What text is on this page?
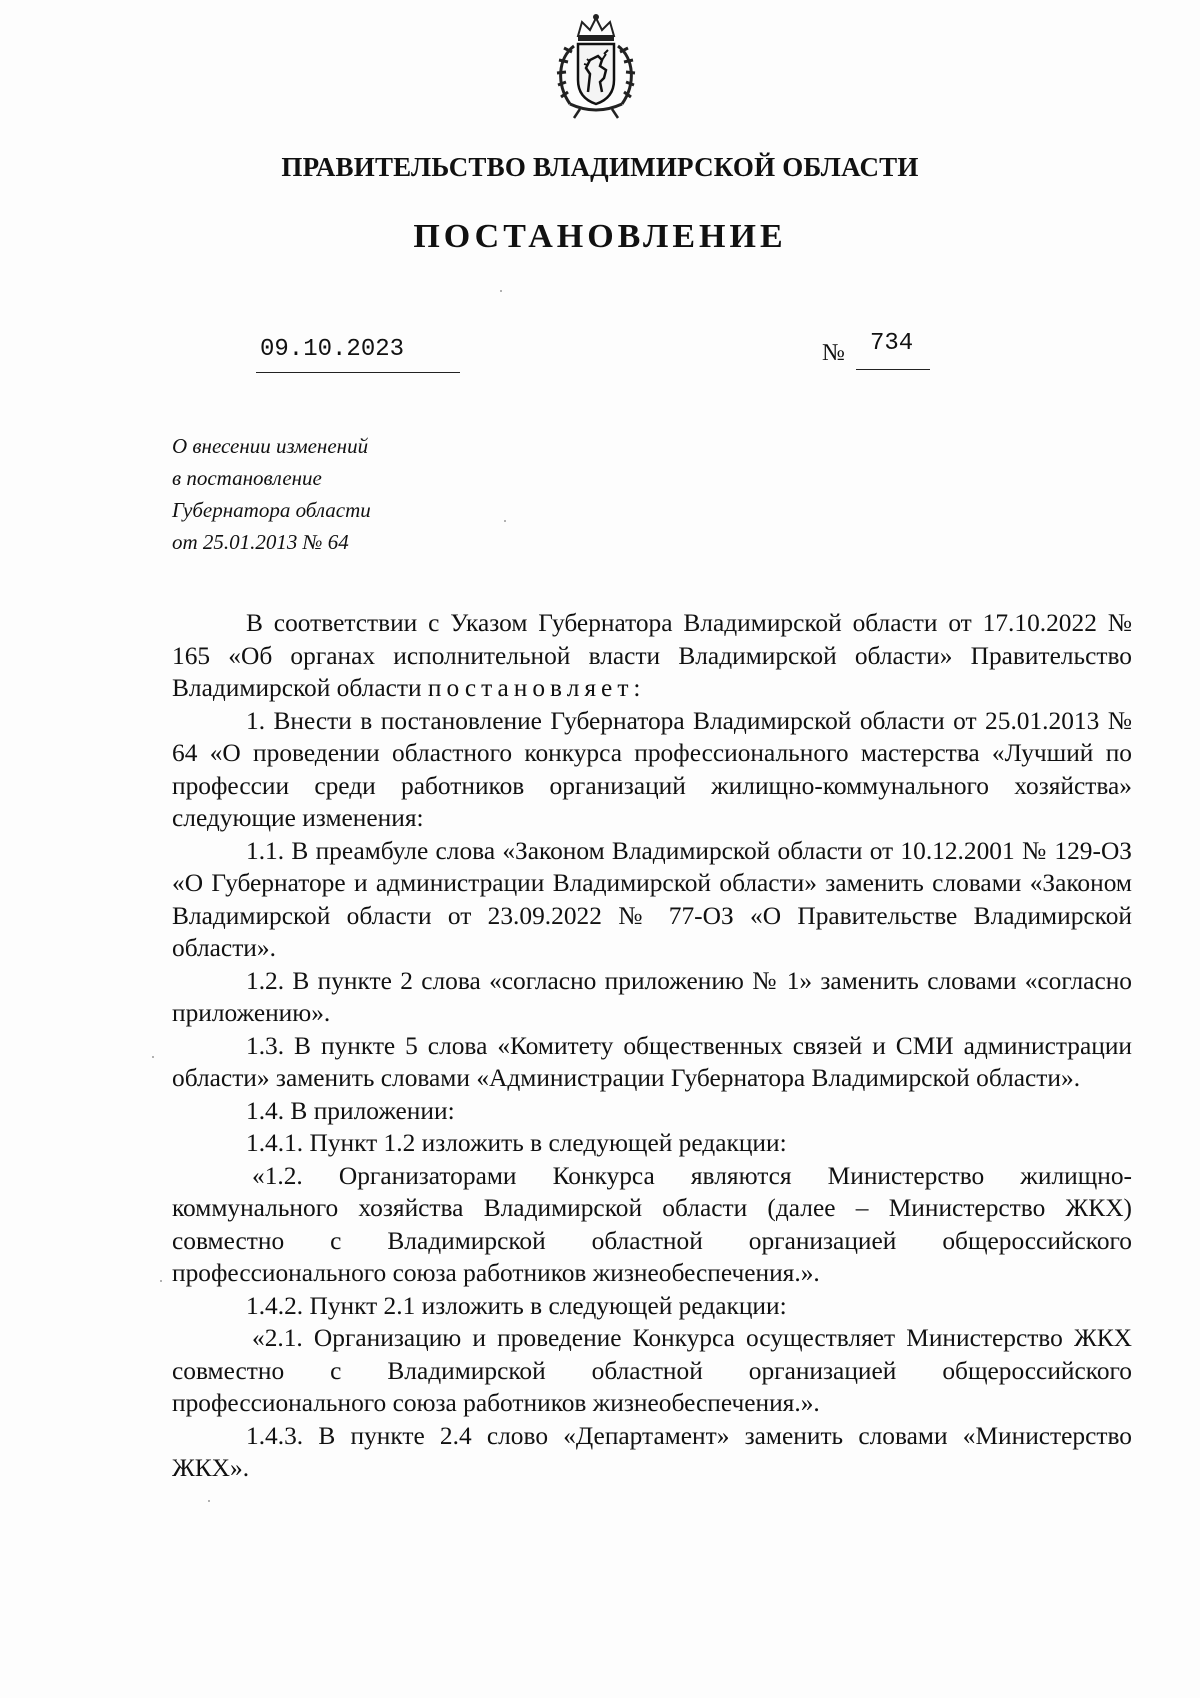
ПРАВИТЕЛЬСТВО ВЛАДИМИРСКОЙ ОБЛАСТИ
ПОСТАНОВЛЕНИЕ
09.10.2023	№ 734
О внесении изменений
в постановление
Губернатора области
от 25.01.2013 № 64

В соответствии с Указом Губернатора Владимирской области от 17.10.2022 № 165 «Об органах исполнительной власти Владимирской области» Правительство Владимирской области постановляет:

1. Внести в постановление Губернатора Владимирской области от 25.01.2013 № 64 «О проведении областного конкурса профессионального мастерства «Лучший по профессии среди работников организаций жилищно-коммунального хозяйства» следующие изменения:

1.1. В преамбуле слова «Законом Владимирской области от 10.12.2001 № 129-ОЗ «О Губернаторе и администрации Владимирской области» заменить словами «Законом Владимирской области от 23.09.2022 № 77-ОЗ «О Правительстве Владимирской области».

1.2. В пункте 2 слова «согласно приложению № 1» заменить словами «согласно приложению».

1.3. В пункте 5 слова «Комитету общественных связей и СМИ администрации области» заменить словами «Администрации Губернатора Владимирской области».

1.4. В приложении:

1.4.1. Пункт 1.2 изложить в следующей редакции:

«1.2. Организаторами Конкурса являются Министерство жилищно-коммунального хозяйства Владимирской области (далее – Министерство ЖКХ) совместно с Владимирской областной организацией общероссийского профессионального союза работников жизнеобеспечения.».

1.4.2. Пункт 2.1 изложить в следующей редакции:

«2.1. Организацию и проведение Конкурса осуществляет Министерство ЖКХ совместно с Владимирской областной организацией общероссийского профессионального союза работников жизнеобеспечения.».

1.4.3. В пункте 2.4 слово «Департамент» заменить словами «Министерство ЖКХ».
